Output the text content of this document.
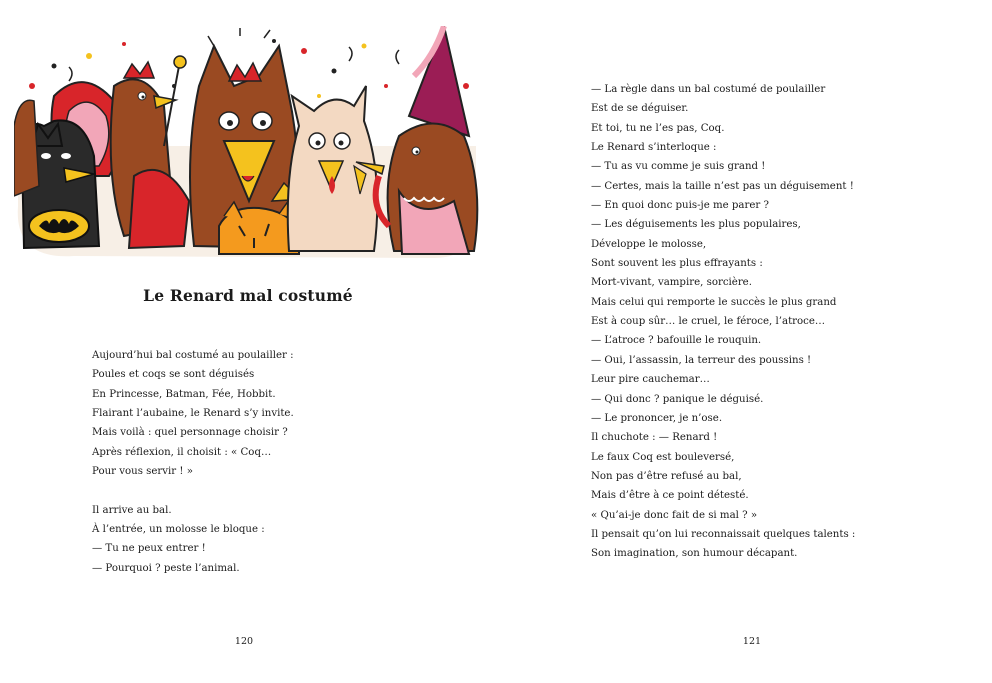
Le Renard mal costumé
Aujourd’hui bal costumé au poulailler :
Poules et coqs se sont déguisés
En Princesse, Batman, Fée, Hobbit.
Flairant l’aubaine, le Renard s’y invite.
Mais voilà : quel personnage choisir ?
Après réflexion, il choisit : « Coq…
Pour vous servir ! »
Il arrive au bal.
À l’entrée, un molosse le bloque :
— Tu ne peux entrer !
— Pourquoi ? peste l’animal.
120
— La règle dans un bal costumé de poulailler
Est de se déguiser.
Et toi, tu ne l’es pas, Coq.
Le Renard s’interloque :
— Tu as vu comme je suis grand !
— Certes, mais la taille n’est pas un déguisement !
— En quoi donc puis-je me parer ?
— Les déguisements les plus populaires,
Développe le molosse,
Sont souvent les plus effrayants :
Mort-vivant, vampire, sorcière.
Mais celui qui remporte le succès le plus grand
Est à coup sûr… le cruel, le féroce, l’atroce…
— L’atroce ? bafouille le rouquin.
— Oui, l’assassin, la terreur des poussins !
Leur pire cauchemar…
— Qui donc ? panique le déguisé.
— Le prononcer, je n’ose.
Il chuchote : — Renard !
Le faux Coq est bouleversé,
Non pas d’être refusé au bal,
Mais d’être à ce point détesté.
« Qu’ai-je donc fait de si mal ? »
Il pensait qu’on lui reconnaissait quelques talents :
Son imagination, son humour décapant.
121
